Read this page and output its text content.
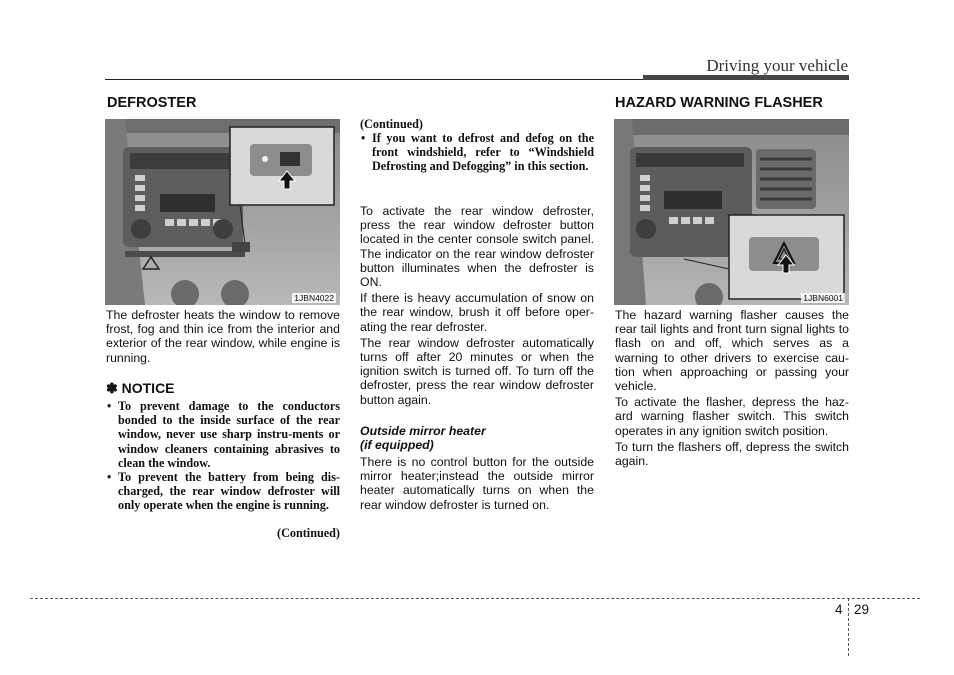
Driving your vehicle
DEFROSTER
1JBN4022

The defroster heats the window to remove frost, fog and thin ice from the interior and exterior of the rear window, while engine is running.

✽ NOTICE
• To prevent damage to the conductors bonded to the inside surface of the rear window, never use sharp instru-ments or window cleaners containing abrasives to clean the window.
• To prevent the battery from being dis-charged, the rear window defroster will only operate when the engine is running.
(Continued)
(Continued)
• If you want to defrost and defog on the front windshield, refer to “Windshield Defrosting and Defogging” in this section.

To activate the rear window defroster, press the rear window defroster button located in the center console switch panel. The indicator on the rear window defroster button illuminates when the defroster is ON.

If there is heavy accumulation of snow on the rear window, brush it off before oper-ating the rear defroster.

The rear window defroster automatically turns off after 20 minutes or when the ignition switch is turned off. To turn off the defroster, press the rear window defroster button again.

Outside mirror heater
(if equipped)

There is no control button for the outside mirror heater;instead the outside mirror heater automatically turns on when the rear window defroster is turned on.

HAZARD WARNING FLASHER
1JBN6001

The hazard warning flasher causes the rear tail lights and front turn signal lights to flash on and off, which serves as a warning to other drivers to exercise cau-tion when approaching or passing your vehicle.

To activate the flasher, depress the haz-ard warning flasher switch. This switch operates in any ignition switch position.

To turn the flashers off, depress the switch again.

4 29
